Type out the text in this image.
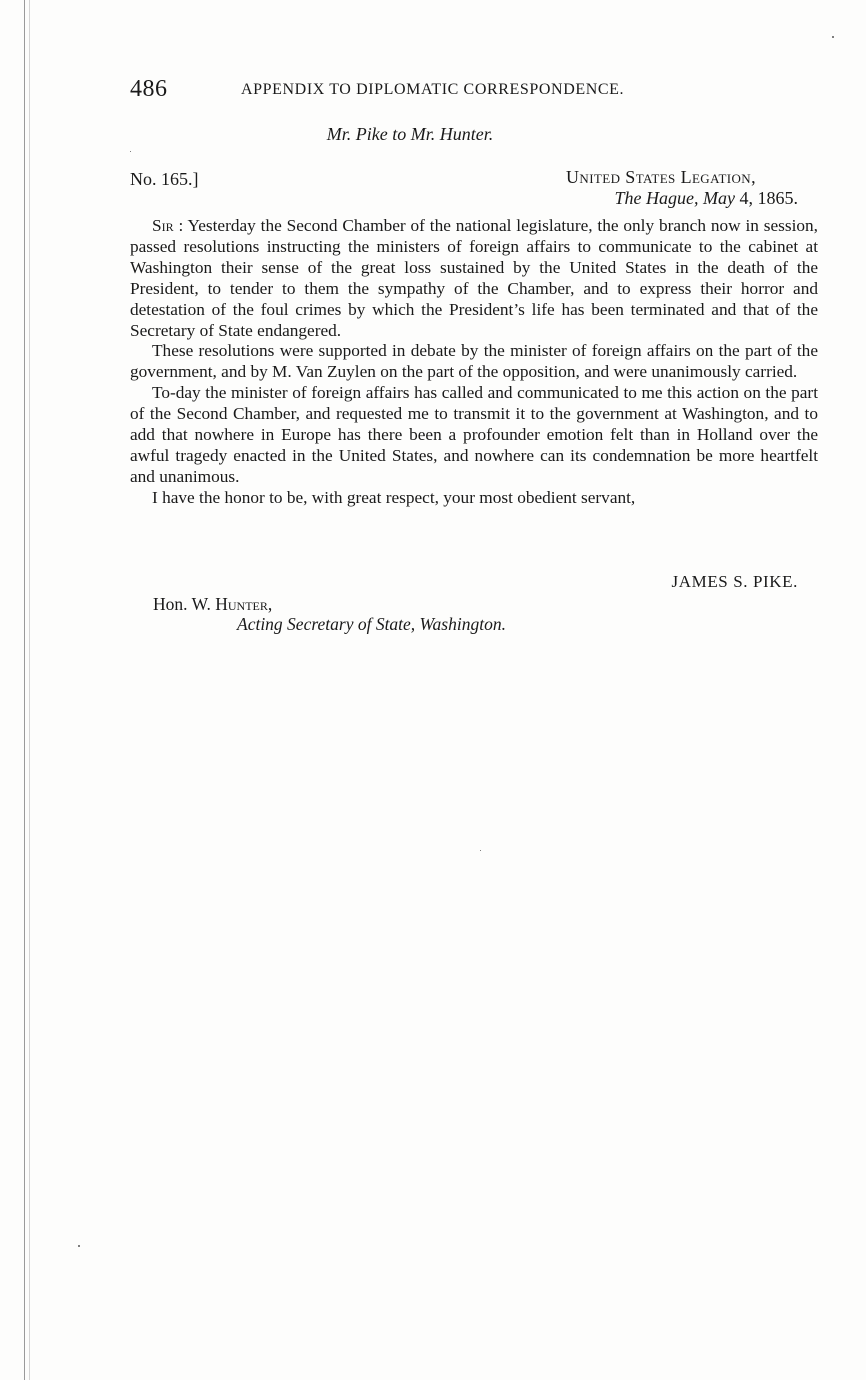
486	APPENDIX TO DIPLOMATIC CORRESPONDENCE.
Mr. Pike to Mr. Hunter.
No. 165.]	United States Legation,
The Hague, May 4, 1865.

Sir : Yesterday the Second Chamber of the national legislature, the only branch now in session, passed resolutions instructing the ministers of foreign affairs to communicate to the cabinet at Washington their sense of the great loss sustained by the United States in the death of the President, to tender to them the sympathy of the Chamber, and to express their horror and detestation of the foul crimes by which the President’s life has been terminated and that of the Secretary of State endangered.

These resolutions were supported in debate by the minister of foreign affairs on the part of the government, and by M. Van Zuylen on the part of the opposition, and were unanimously carried.

To-day the minister of foreign affairs has called and communicated to me this action on the part of the Second Chamber, and requested me to transmit it to the government at Washington, and to add that nowhere in Europe has there been a profounder emotion felt than in Holland over the awful tragedy enacted in the United States, and nowhere can its condemnation be more heartfelt and unanimous.

I have the honor to be, with great respect, your most obedient servant,

JAMES S. PIKE.
Hon. W. Hunter,
Acting Secretary of State, Washington.
